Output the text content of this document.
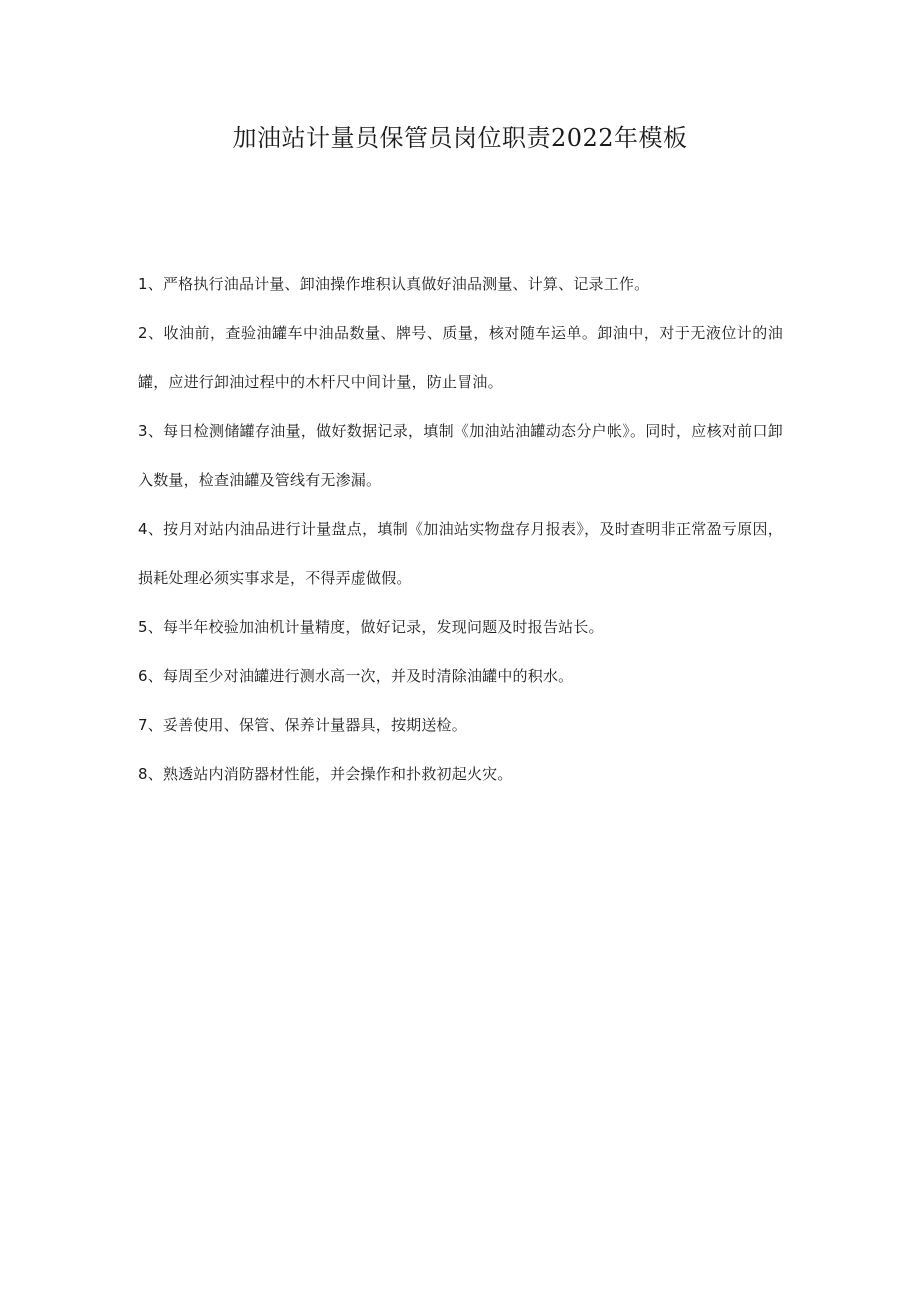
加油站计量员保管员岗位职责2022年模板

1、严格执行油品计量、卸油操作堆积认真做好油品测量、计算、记录工作。

2、收油前，查验油罐车中油品数量、牌号、质量，核对随车运单。卸油中，对于无液位计的油罐，应进行卸油过程中的木杆尺中间计量，防止冒油。

3、每日检测储罐存油量，做好数据记录，填制《加油站油罐动态分户帐》。同时，应核对前口卸入数量，检查油罐及管线有无渗漏。

4、按月对站内油品进行计量盘点，填制《加油站实物盘存月报表》，及时查明非正常盈亏原因，损耗处理必须实事求是，不得弄虚做假。

5、每半年校验加油机计量精度，做好记录，发现问题及时报告站长。

6、每周至少对油罐进行测水高一次，并及时清除油罐中的积水。

7、妥善使用、保管、保养计量器具，按期送检。

8、熟透站内消防器材性能，并会操作和扑救初起火灾。
